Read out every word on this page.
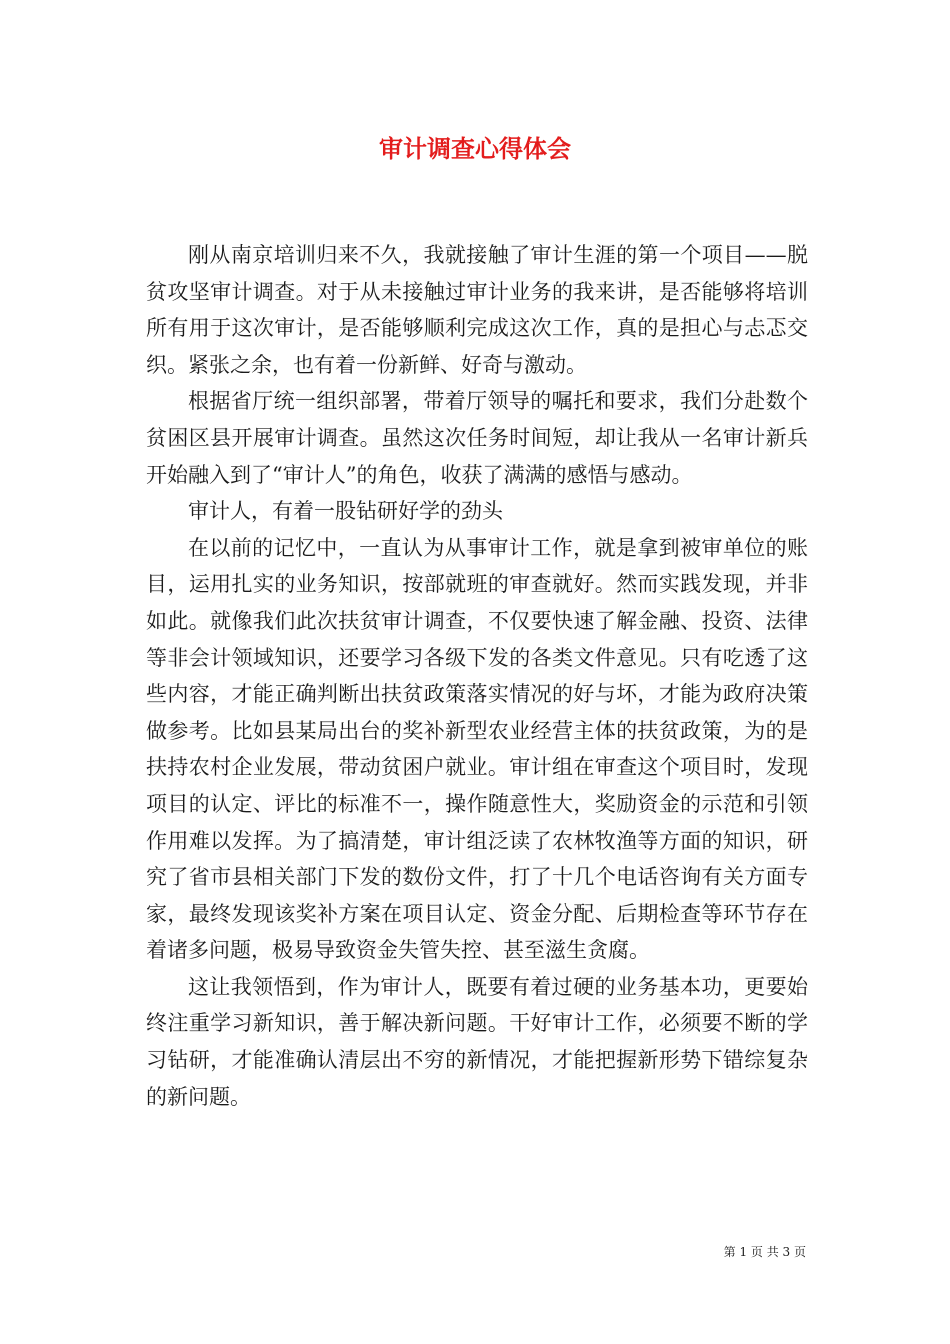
审计调查心得体会

刚从南京培训归来不久，我就接触了审计生涯的第一个项目——脱贫攻坚审计调查。对于从未接触过审计业务的我来讲，是否能够将培训所有用于这次审计，是否能够顺利完成这次工作，真的是担心与忐忑交织。紧张之余，也有着一份新鲜、好奇与激动。

根据省厅统一组织部署，带着厅领导的嘱托和要求，我们分赴数个贫困区县开展审计调查。虽然这次任务时间短，却让我从一名审计新兵开始融入到了“审计人”的角色，收获了满满的感悟与感动。

审计人，有着一股钻研好学的劲头

在以前的记忆中，一直认为从事审计工作，就是拿到被审单位的账目，运用扎实的业务知识，按部就班的审查就好。然而实践发现，并非如此。就像我们此次扶贫审计调查，不仅要快速了解金融、投资、法律等非会计领域知识，还要学习各级下发的各类文件意见。只有吃透了这些内容，才能正确判断出扶贫政策落实情况的好与坏，才能为政府决策做参考。比如县某局出台的奖补新型农业经营主体的扶贫政策，为的是扶持农村企业发展，带动贫困户就业。审计组在审查这个项目时，发现项目的认定、评比的标准不一，操作随意性大，奖励资金的示范和引领作用难以发挥。为了搞清楚，审计组泛读了农林牧渔等方面的知识，研究了省市县相关部门下发的数份文件，打了十几个电话咨询有关方面专家，最终发现该奖补方案在项目认定、资金分配、后期检查等环节存在着诸多问题，极易导致资金失管失控、甚至滋生贪腐。

这让我领悟到，作为审计人，既要有着过硬的业务基本功，更要始终注重学习新知识，善于解决新问题。干好审计工作，必须要不断的学习钻研，才能准确认清层出不穷的新情况，才能把握新形势下错综复杂的新问题。

第 1 页 共 3 页
